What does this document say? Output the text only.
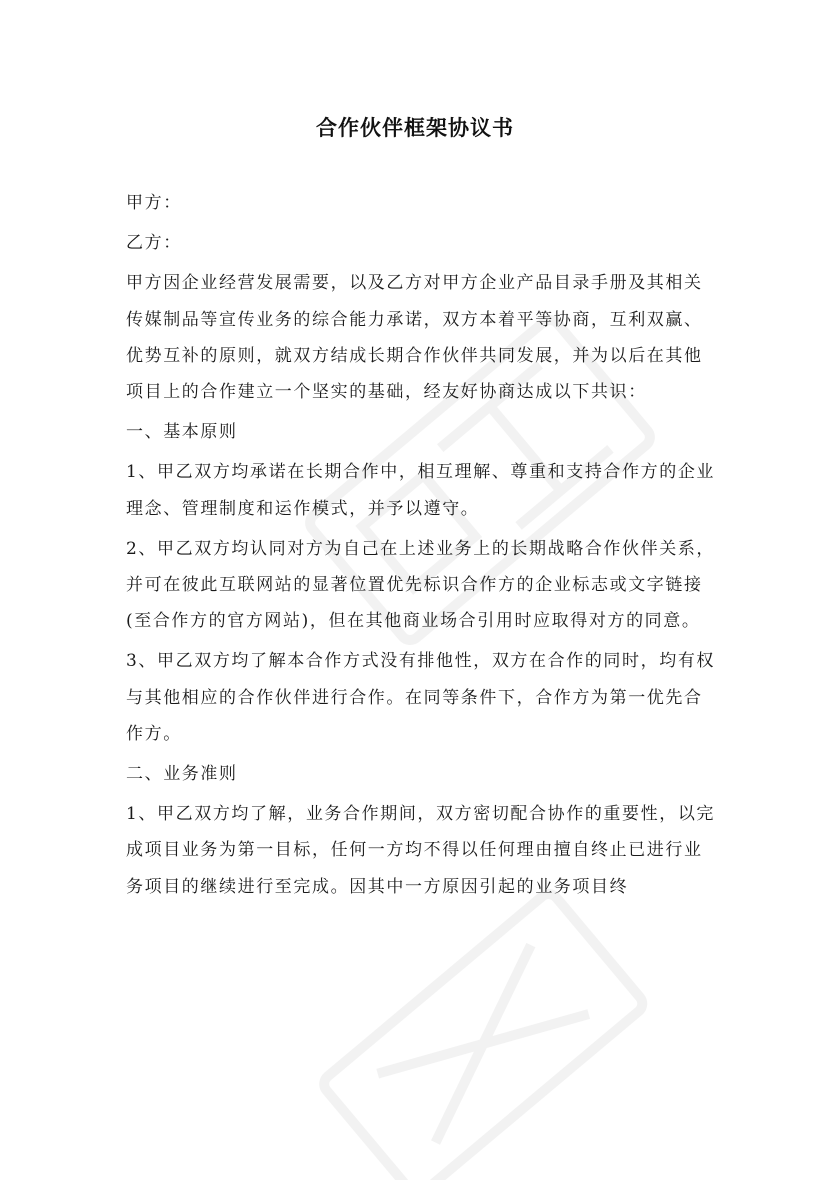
合作伙伴框架协议书

甲方：

乙方：

甲方因企业经营发展需要，以及乙方对甲方企业产品目录手册及其相关传媒制品等宣传业务的综合能力承诺，双方本着平等协商，互利双赢、优势互补的原则，就双方结成长期合作伙伴共同发展，并为以后在其他项目上的合作建立一个坚实的基础，经友好协商达成以下共识：

一、基本原则

1、甲乙双方均承诺在长期合作中，相互理解、尊重和支持合作方的企业理念、管理制度和运作模式，并予以遵守。

2、甲乙双方均认同对方为自己在上述业务上的长期战略合作伙伴关系，并可在彼此互联网站的显著位置优先标识合作方的企业标志或文字链接(至合作方的官方网站)，但在其他商业场合引用时应取得对方的同意。

3、甲乙双方均了解本合作方式没有排他性，双方在合作的同时，均有权与其他相应的合作伙伴进行合作。在同等条件下，合作方为第一优先合作方。

二、业务准则

1、甲乙双方均了解，业务合作期间，双方密切配合协作的重要性，以完成项目业务为第一目标，任何一方均不得以任何理由擅自终止已进行业务项目的继续进行至完成。因其中一方原因引起的业务项目终
